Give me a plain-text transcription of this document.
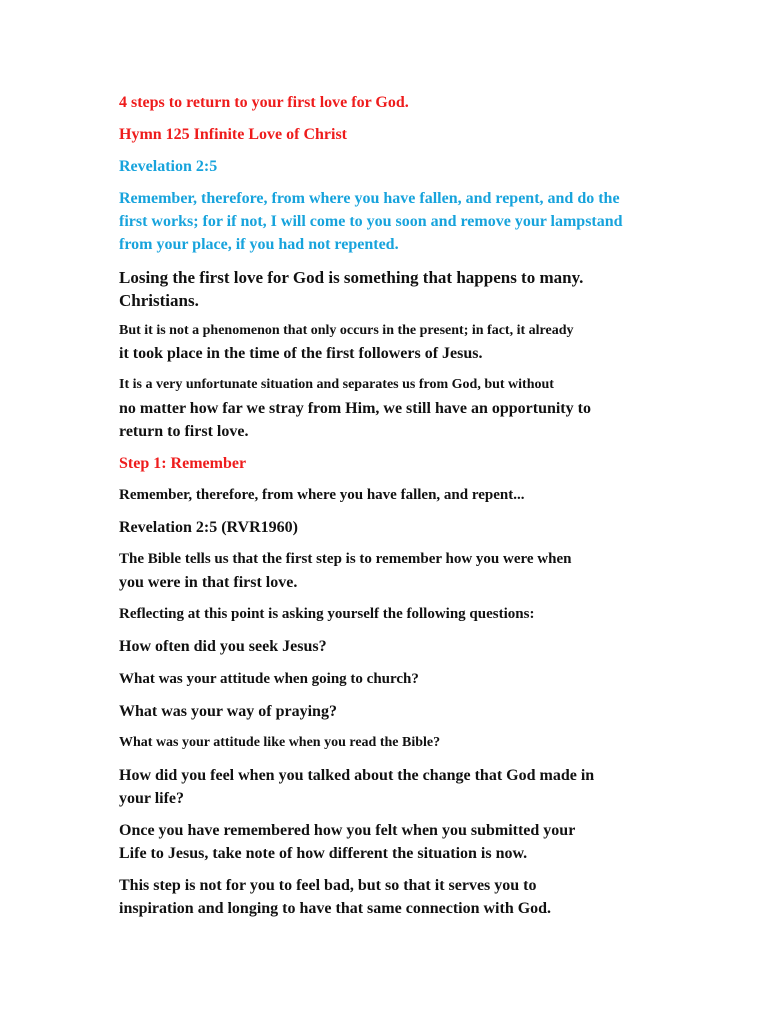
4 steps to return to your first love for God.

Hymn 125 Infinite Love of Christ

Revelation 2:5

Remember, therefore, from where you have fallen, and repent, and do the

first works; for if not, I will come to you soon and remove your lampstand

from your place, if you had not repented.

Losing the first love for God is something that happens to many.

Christians.

But it is not a phenomenon that only occurs in the present; in fact, it already

it took place in the time of the first followers of Jesus.

It is a very unfortunate situation and separates us from God, but without

no matter how far we stray from Him, we still have an opportunity to

return to first love.

Step 1: Remember

Remember, therefore, from where you have fallen, and repent...

Revelation 2:5 (RVR1960)

The Bible tells us that the first step is to remember how you were when

you were in that first love.

Reflecting at this point is asking yourself the following questions:

How often did you seek Jesus?

What was your attitude when going to church?

What was your way of praying?

What was your attitude like when you read the Bible?

How did you feel when you talked about the change that God made in

your life?

Once you have remembered how you felt when you submitted your

Life to Jesus, take note of how different the situation is now.

This step is not for you to feel bad, but so that it serves you to

inspiration and longing to have that same connection with God.
